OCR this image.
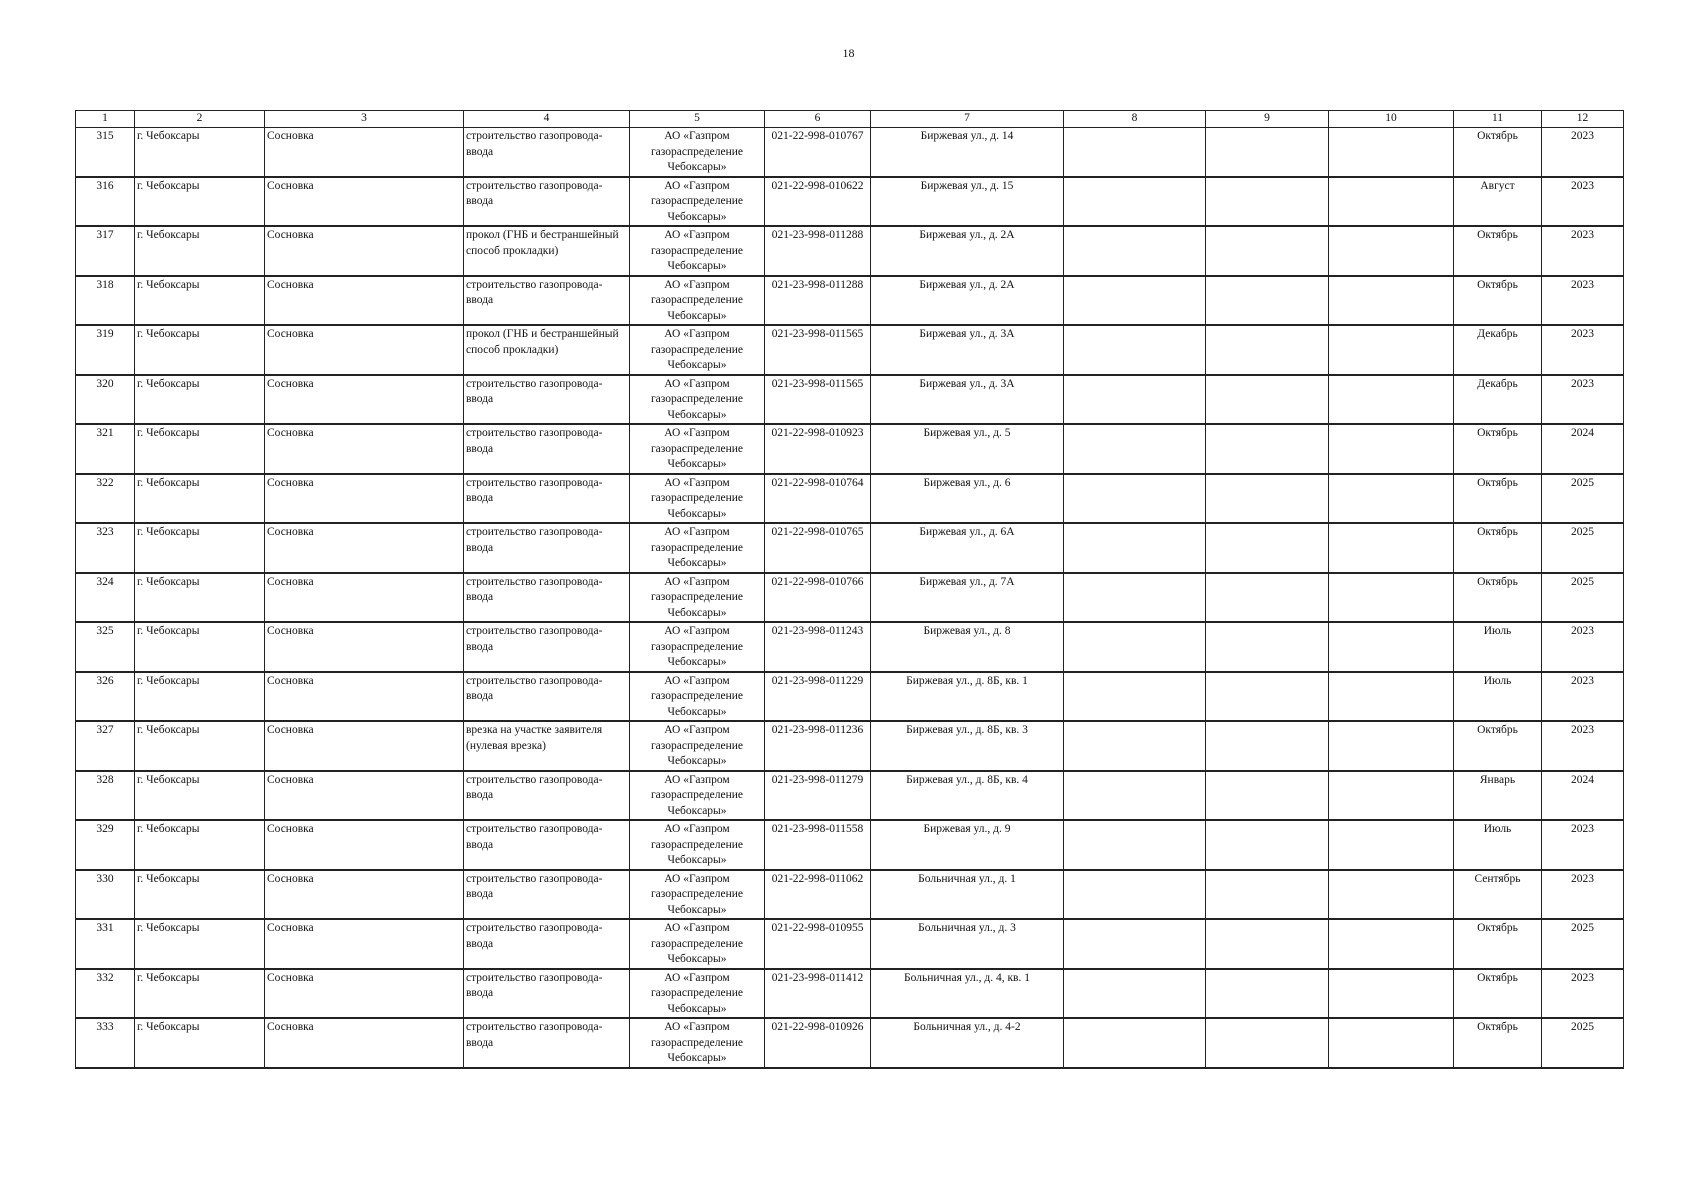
18
1	2	3	4	5	6	7	8	9	10	11	12
315	г. Чебоксары	Сосновка	строительство газопровода-ввода	АО «Газпром газораспределение Чебоксары»	021-22-998-010767	Биржевая ул., д. 14				Октябрь	2023
316	г. Чебоксары	Сосновка	строительство газопровода-ввода	АО «Газпром газораспределение Чебоксары»	021-22-998-010622	Биржевая ул., д. 15				Август	2023
317	г. Чебоксары	Сосновка	прокол (ГНБ и бестраншейный способ прокладки)	АО «Газпром газораспределение Чебоксары»	021-23-998-011288	Биржевая ул., д. 2А				Октябрь	2023
318	г. Чебоксары	Сосновка	строительство газопровода-ввода	АО «Газпром газораспределение Чебоксары»	021-23-998-011288	Биржевая ул., д. 2А				Октябрь	2023
319	г. Чебоксары	Сосновка	прокол (ГНБ и бестраншейный способ прокладки)	АО «Газпром газораспределение Чебоксары»	021-23-998-011565	Биржевая ул., д. 3А				Декабрь	2023
320	г. Чебоксары	Сосновка	строительство газопровода-ввода	АО «Газпром газораспределение Чебоксары»	021-23-998-011565	Биржевая ул., д. 3А				Декабрь	2023
321	г. Чебоксары	Сосновка	строительство газопровода-ввода	АО «Газпром газораспределение Чебоксары»	021-22-998-010923	Биржевая ул., д. 5				Октябрь	2024
322	г. Чебоксары	Сосновка	строительство газопровода-ввода	АО «Газпром газораспределение Чебоксары»	021-22-998-010764	Биржевая ул., д. 6				Октябрь	2025
323	г. Чебоксары	Сосновка	строительство газопровода-ввода	АО «Газпром газораспределение Чебоксары»	021-22-998-010765	Биржевая ул., д. 6А				Октябрь	2025
324	г. Чебоксары	Сосновка	строительство газопровода-ввода	АО «Газпром газораспределение Чебоксары»	021-22-998-010766	Биржевая ул., д. 7А				Октябрь	2025
325	г. Чебоксары	Сосновка	строительство газопровода-ввода	АО «Газпром газораспределение Чебоксары»	021-23-998-011243	Биржевая ул., д. 8				Июль	2023
326	г. Чебоксары	Сосновка	строительство газопровода-ввода	АО «Газпром газораспределение Чебоксары»	021-23-998-011229	Биржевая ул., д. 8Б, кв. 1				Июль	2023
327	г. Чебоксары	Сосновка	врезка на участке заявителя (нулевая врезка)	АО «Газпром газораспределение Чебоксары»	021-23-998-011236	Биржевая ул., д. 8Б, кв. 3				Октябрь	2023
328	г. Чебоксары	Сосновка	строительство газопровода-ввода	АО «Газпром газораспределение Чебоксары»	021-23-998-011279	Биржевая ул., д. 8Б, кв. 4				Январь	2024
329	г. Чебоксары	Сосновка	строительство газопровода-ввода	АО «Газпром газораспределение Чебоксары»	021-23-998-011558	Биржевая ул., д. 9				Июль	2023
330	г. Чебоксары	Сосновка	строительство газопровода-ввода	АО «Газпром газораспределение Чебоксары»	021-22-998-011062	Больничная ул., д. 1				Сентябрь	2023
331	г. Чебоксары	Сосновка	строительство газопровода-ввода	АО «Газпром газораспределение Чебоксары»	021-22-998-010955	Больничная ул., д. 3				Октябрь	2025
332	г. Чебоксары	Сосновка	строительство газопровода-ввода	АО «Газпром газораспределение Чебоксары»	021-23-998-011412	Больничная ул., д. 4, кв. 1				Октябрь	2023
333	г. Чебоксары	Сосновка	строительство газопровода-ввода	АО «Газпром газораспределение Чебоксары»	021-22-998-010926	Больничная ул., д. 4-2				Октябрь	2025
